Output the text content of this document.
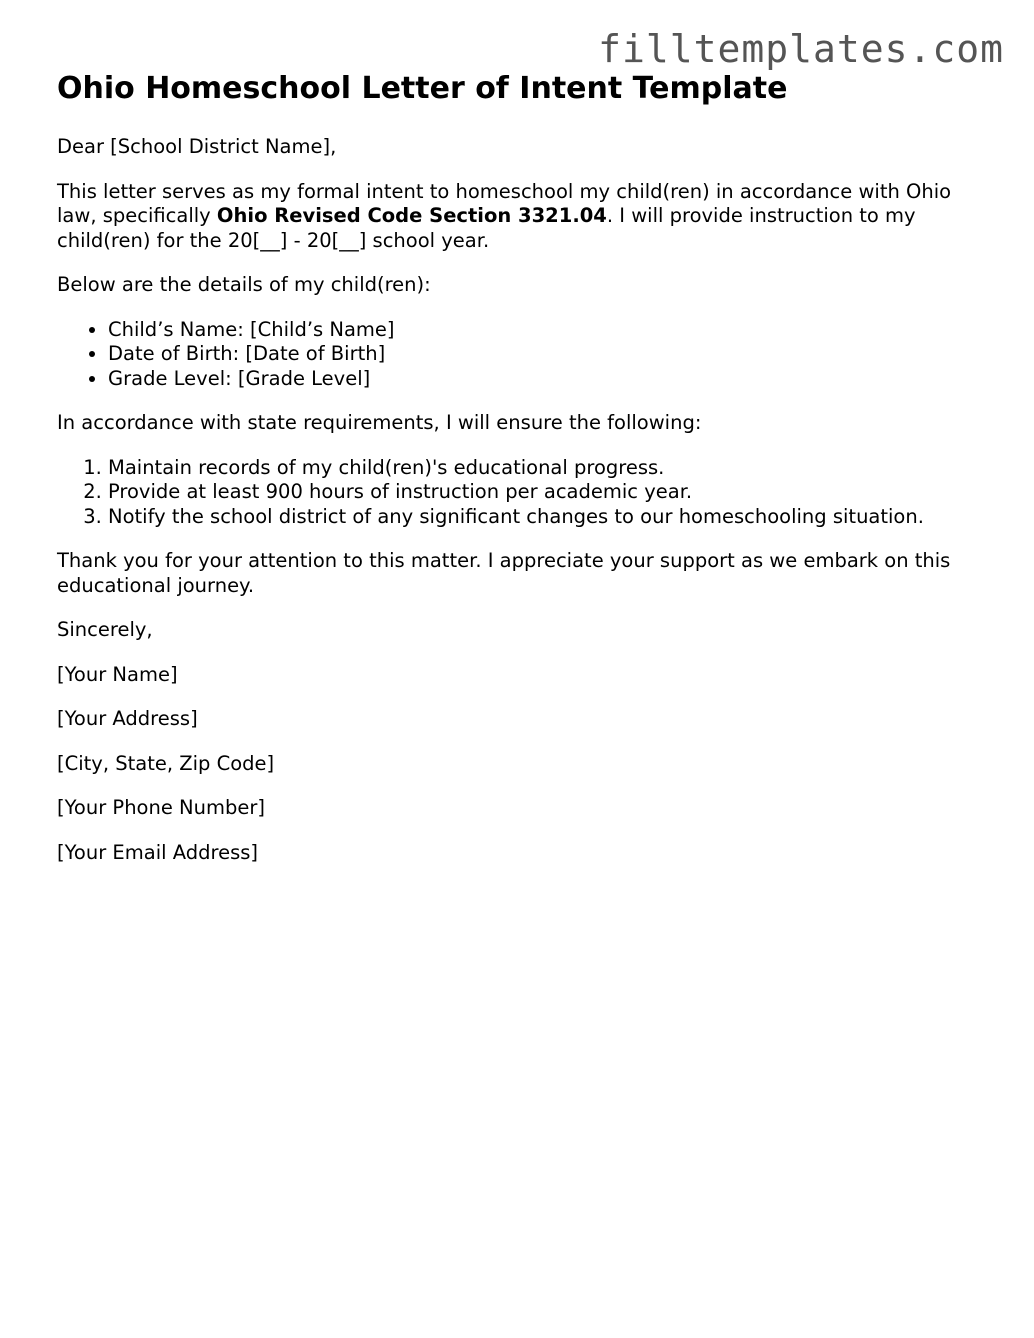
filltemplates.com
Ohio Homeschool Letter of Intent Template

Dear [School District Name],

This letter serves as my formal intent to homeschool my child(ren) in accordance with Ohio law, specifically Ohio Revised Code Section 3321.04. I will provide instruction to my child(ren) for the 20[__] - 20[__] school year.

Below are the details of my child(ren):

• Child’s Name: [Child’s Name]
• Date of Birth: [Date of Birth]
• Grade Level: [Grade Level]

In accordance with state requirements, I will ensure the following:

1. Maintain records of my child(ren)'s educational progress.
2. Provide at least 900 hours of instruction per academic year.
3. Notify the school district of any significant changes to our homeschooling situation.

Thank you for your attention to this matter. I appreciate your support as we embark on this educational journey.

Sincerely,

[Your Name]

[Your Address]

[City, State, Zip Code]

[Your Phone Number]

[Your Email Address]
